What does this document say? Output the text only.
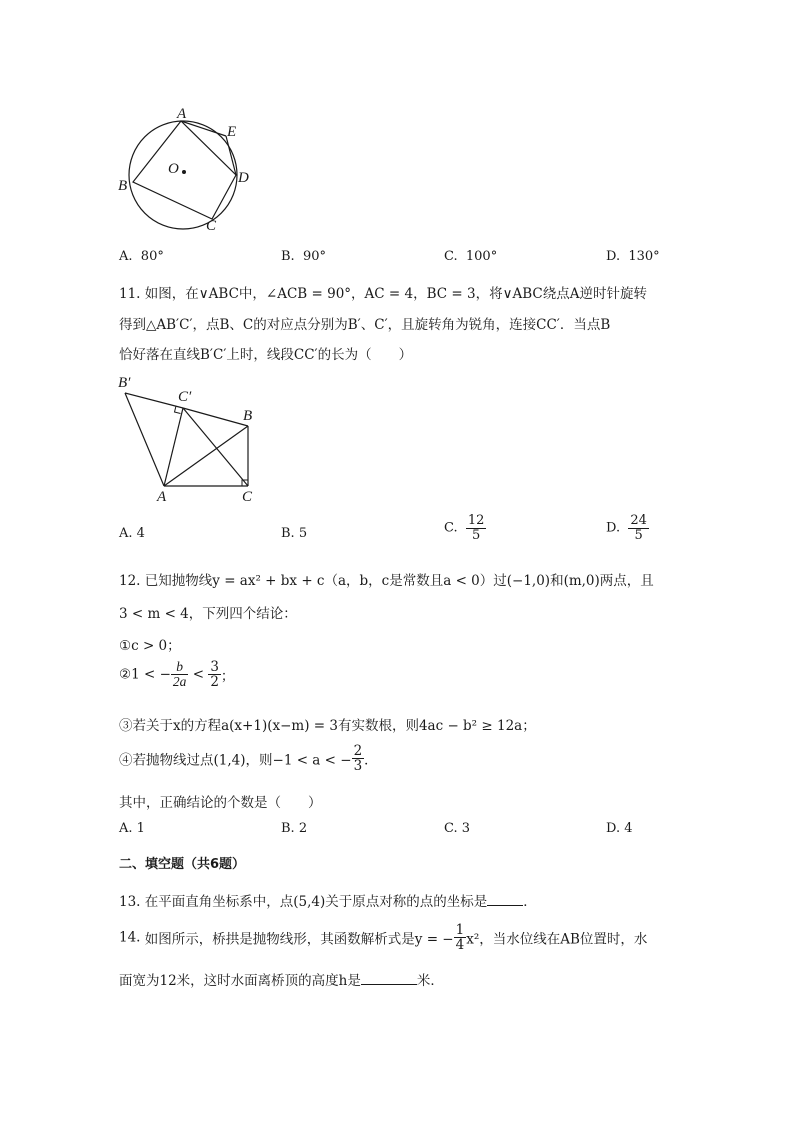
A
E
O
D
B
C
A. 80°	B. 90°	C. 100°	D. 130°
11. 如图，在∨ABC中，∠ACB = 90°，AC = 4，BC = 3，将∨ABC绕点A逆时针旋转
得到△AB′C′，点B、C的对应点分别为B′、C′，且旋转角为锐角，连接CC′．当点B
恰好落在直线B′C′上时，线段CC′的长为（　　）
B′
C′
B
A	C
A. 4	B. 5	C. $\frac{12}{5}$	D. $\frac{24}{5}$
12. 已知抛物线y = ax² + bx + c（a，b，c是常数且a < 0）过(−1,0)和(m,0)两点，且
3 < m < 4，下列四个结论：
①c > 0；
②1 < − $\frac{b}{2a} < \frac{3}{2}$ ；
③若关于x的方程a(x+1)(x−m) = 3有实数根，则4ac − b² ≥ 12a；
④若抛物线过点(1,4)，则−1 < a < − $\frac{2}{3}$ ．
其中，正确结论的个数是（　　）
A. 1	B. 2	C. 3	D. 4
二、填空题（共6题）
13. 在平面直角坐标系中，点(5,4)关于原点对称的点的坐标是	．
14. 如图所示，桥拱是抛物线形，其函数解析式是y = − $\frac{1}{4} x^2$，当水位线在AB位置时，水
面宽为12米，这时水面离桥顶的高度h是	米．
